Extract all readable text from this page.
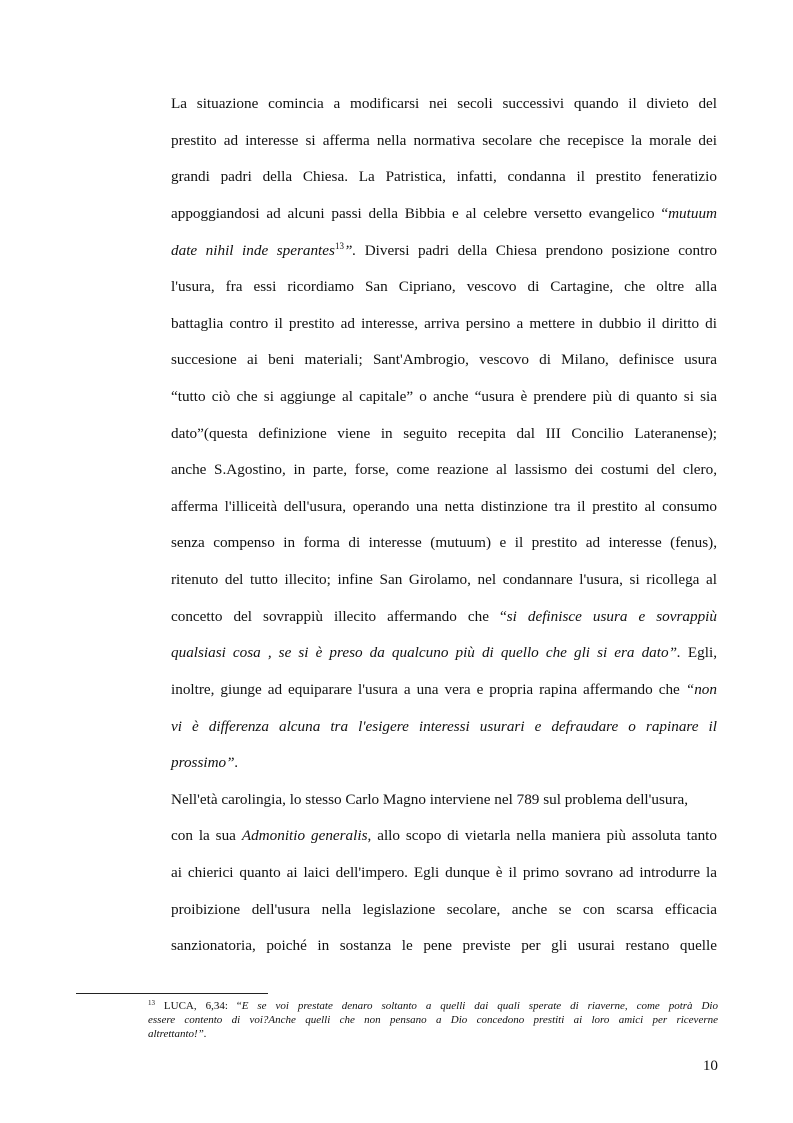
La situazione comincia a modificarsi nei secoli successivi quando il divieto del
prestito ad interesse si afferma nella normativa secolare che recepisce la morale dei
grandi padri della Chiesa. La Patristica, infatti, condanna il prestito feneratizio
appoggiandosi ad alcuni passi della Bibbia e al celebre versetto evangelico “mutuum
date nihil inde sperantes$^{13}$”. Diversi padri della Chiesa prendono posizione contro
l'usura, fra essi ricordiamo San Cipriano, vescovo di Cartagine, che oltre alla
battaglia contro il prestito ad interesse, arriva persino a mettere in dubbio il diritto di
succesione ai beni materiali; Sant'Ambrogio, vescovo di Milano, definisce usura
“tutto ciò che si aggiunge al capitale” o anche “usura è prendere più di quanto si sia
dato”(questa definizione viene in seguito recepita dal III Concilio Lateranense);
anche S.Agostino, in parte, forse, come reazione al lassismo dei costumi del clero,
afferma l'illiceità dell'usura, operando una netta distinzione tra il prestito al consumo
senza compenso in forma di interesse (mutuum) e il prestito ad interesse (fenus),
ritenuto del tutto illecito; infine San Girolamo, nel condannare l'usura, si ricollega al
concetto del sovrappiù illecito affermando che “si definisce usura e sovrappiù
qualsiasi cosa , se si è preso da qualcuno più di quello che gli si era dato”. Egli,
inoltre, giunge ad equiparare l'usura a una vera e propria rapina affermando che “non
vi è differenza alcuna tra l'esigere interessi usurari e defraudare o rapinare il
prossimo”.
Nell'età carolingia, lo stesso Carlo Magno interviene nel 789 sul problema dell'usura,
con la sua Admonitio generalis, allo scopo di vietarla nella maniera più assoluta tanto
ai chierici quanto ai laici dell'impero. Egli dunque è il primo sovrano ad introdurre la
proibizione dell'usura nella legislazione secolare, anche se con scarsa efficacia
sanzionatoria, poiché in sostanza le pene previste per gli usurai restano quelle
$^{13}$ LUCA, 6,34: “E se voi prestate denaro soltanto a quelli dai quali sperate di riaverne, come potrà Dio
essere contento di voi?Anche quelli che non pensano a Dio concedono prestiti ai loro amici per riceverne
altrettanto!”.
10
